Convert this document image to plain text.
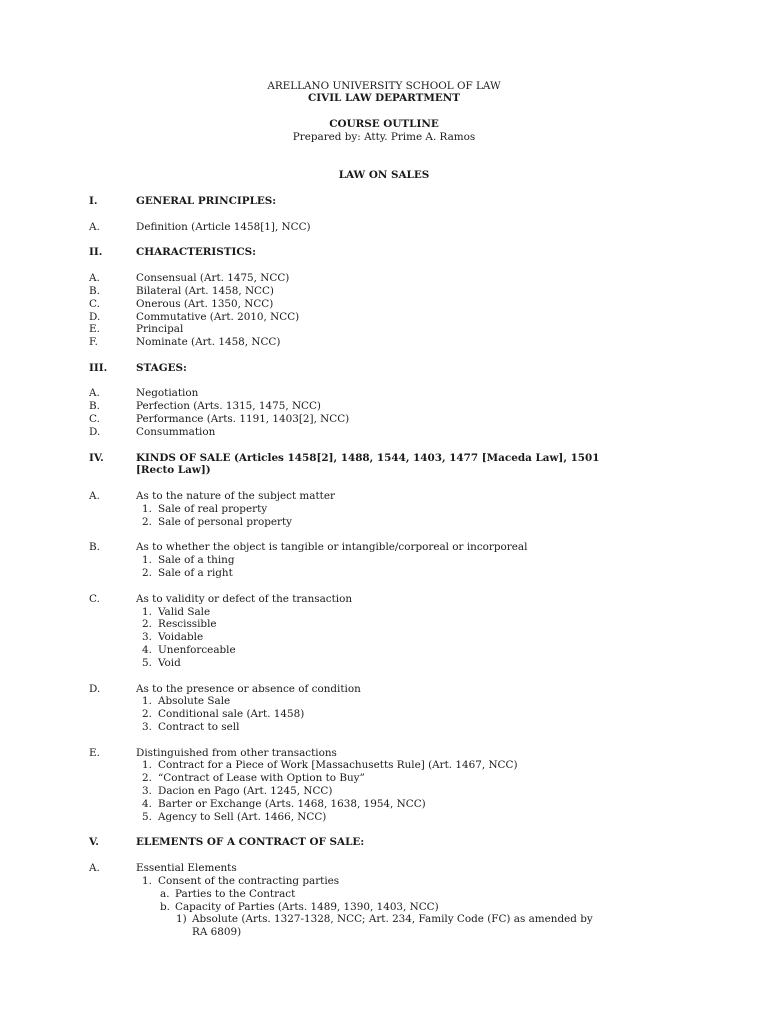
ARELLANO UNIVERSITY SCHOOL OF LAW
CIVIL LAW DEPARTMENT
COURSE OUTLINE
Prepared by: Atty. Prime A. Ramos
LAW ON SALES
I.	GENERAL PRINCIPLES:
A.	Definition (Article 1458[1], NCC)
II.	CHARACTERISTICS:
A.	Consensual (Art. 1475, NCC)
B.	Bilateral (Art. 1458, NCC)
C.	Onerous (Art. 1350, NCC)
D.	Commutative (Art. 2010, NCC)
E.	Principal
F.	Nominate (Art. 1458, NCC)
III.	STAGES:
A.	Negotiation
B.	Perfection (Arts. 1315, 1475, NCC)
C.	Performance (Arts. 1191, 1403[2], NCC)
D.	Consummation
IV.	KINDS OF SALE (Articles 1458[2], 1488, 1544, 1403, 1477 [Maceda Law], 1501
[Recto Law])
A.	As to the nature of the subject matter
1. Sale of real property
2. Sale of personal property
B.	As to whether the object is tangible or intangible/corporeal or incorporeal
1. Sale of a thing
2. Sale of a right
C.	As to validity or defect of the transaction
1. Valid Sale
2. Rescissible
3. Voidable
4. Unenforceable
5. Void
D.	As to the presence or absence of condition
1. Absolute Sale
2. Conditional sale (Art. 1458)
3. Contract to sell
E.	Distinguished from other transactions
1. Contract for a Piece of Work [Massachusetts Rule] (Art. 1467, NCC)
2. “Contract of Lease with Option to Buy”
3. Dacion en Pago (Art. 1245, NCC)
4. Barter or Exchange (Arts. 1468, 1638, 1954, NCC)
5. Agency to Sell (Art. 1466, NCC)
V.	ELEMENTS OF A CONTRACT OF SALE:
A.	Essential Elements
1. Consent of the contracting parties
a. Parties to the Contract
b. Capacity of Parties (Arts. 1489, 1390, 1403, NCC)
1) Absolute (Arts. 1327-1328, NCC; Art. 234, Family Code (FC) as amended by
RA 6809)
